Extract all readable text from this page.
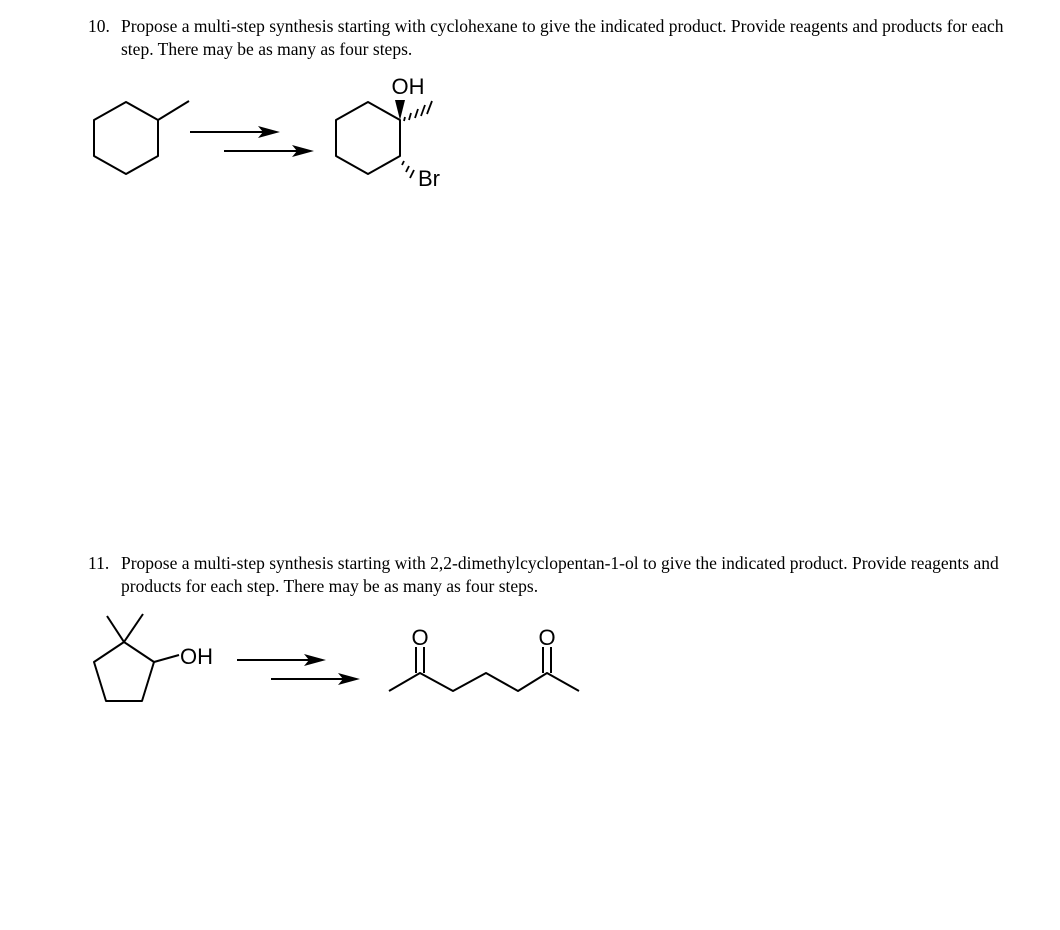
10. Propose a multi-step synthesis starting with cyclohexane to give the indicated product. Provide reagents and products for each step. There may be as many as four steps.
OH
Br
11. Propose a multi-step synthesis starting with 2,2-dimethylcyclopentan-1-ol to give the indicated product. Provide reagents and products for each step. There may be as many as four steps.
OH
O	O
